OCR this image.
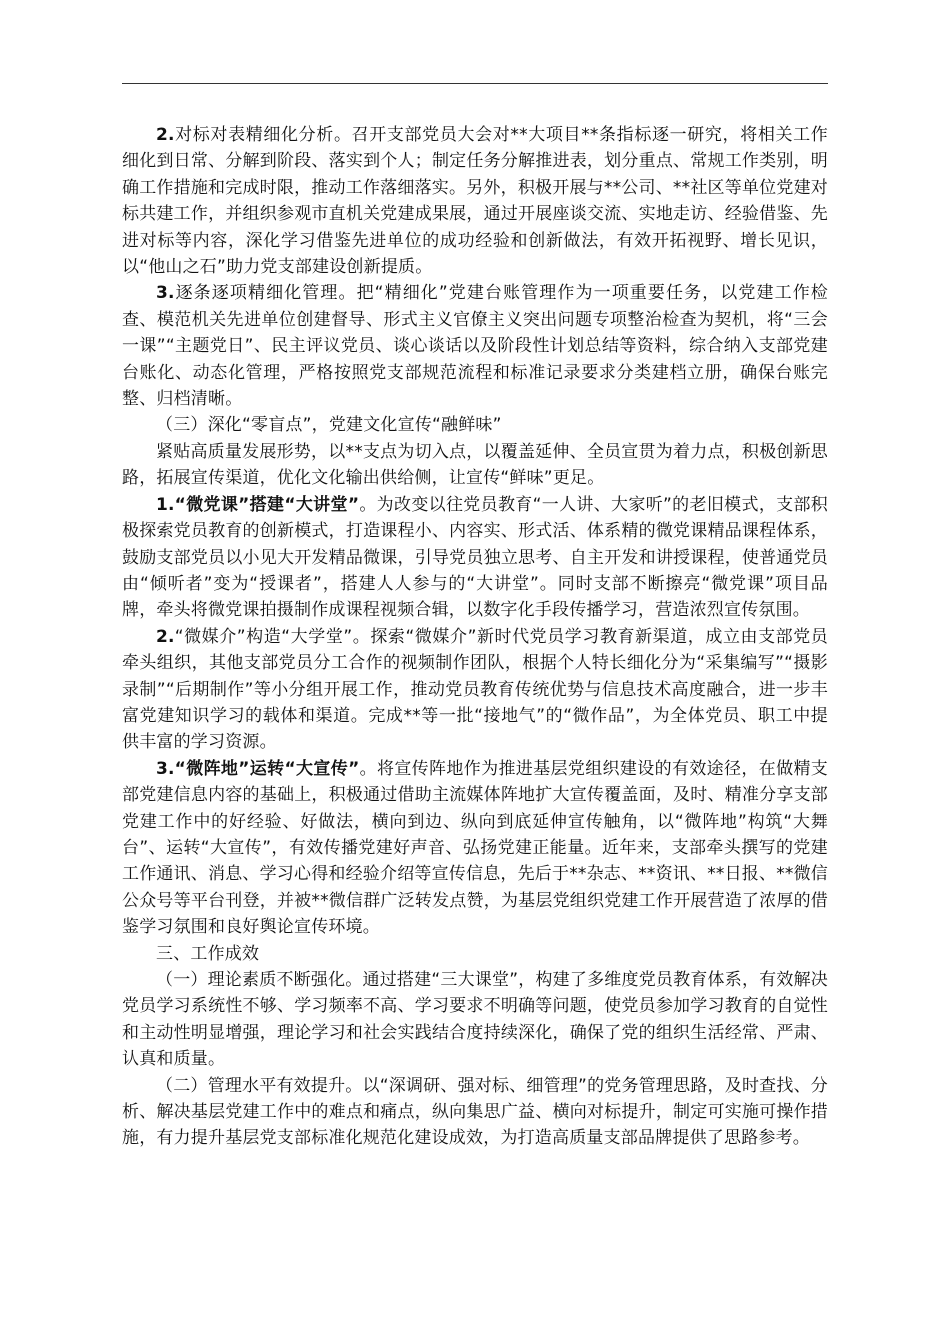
2.对标对表精细化分析。召开支部党员大会对**大项目**条指标逐一研究，将相关工作细化到日常、分解到阶段、落实到个人；制定任务分解推进表，划分重点、常规工作类别，明确工作措施和完成时限，推动工作落细落实。另外，积极开展与**公司、**社区等单位党建对标共建工作，并组织参观市直机关党建成果展，通过开展座谈交流、实地走访、经验借鉴、先进对标等内容，深化学习借鉴先进单位的成功经验和创新做法，有效开拓视野、增长见识，以“他山之石”助力党支部建设创新提质。

3.逐条逐项精细化管理。把“精细化”党建台账管理作为一项重要任务，以党建工作检查、模范机关先进单位创建督导、形式主义官僚主义突出问题专项整治检查为契机，将“三会一课”“主题党日”、民主评议党员、谈心谈话以及阶段性计划总结等资料，综合纳入支部党建台账化、动态化管理，严格按照党支部规范流程和标准记录要求分类建档立册，确保台账完整、归档清晰。

（三）深化“零盲点”，党建文化宣传“融鲜味”

紧贴高质量发展形势，以**支点为切入点，以覆盖延伸、全员宣贯为着力点，积极创新思路，拓展宣传渠道，优化文化输出供给侧，让宣传“鲜味”更足。

1.“微党课”搭建“大讲堂”。为改变以往党员教育“一人讲、大家听”的老旧模式，支部积极探索党员教育的创新模式，打造课程小、内容实、形式活、体系精的微党课精品课程体系，鼓励支部党员以小见大开发精品微课，引导党员独立思考、自主开发和讲授课程，使普通党员由“倾听者”变为“授课者”，搭建人人参与的“大讲堂”。同时支部不断擦亮“微党课”项目品牌，牵头将微党课拍摄制作成课程视频合辑，以数字化手段传播学习，营造浓烈宣传氛围。

2.“微媒介”构造“大学堂”。探索“微媒介”新时代党员学习教育新渠道，成立由支部党员牵头组织，其他支部党员分工合作的视频制作团队，根据个人特长细化分为“采集编写”“摄影录制”“后期制作”等小分组开展工作，推动党员教育传统优势与信息技术高度融合，进一步丰富党建知识学习的载体和渠道。完成**等一批“接地气”的“微作品”，为全体党员、职工中提供丰富的学习资源。

3.“微阵地”运转“大宣传”。将宣传阵地作为推进基层党组织建设的有效途径，在做精支部党建信息内容的基础上，积极通过借助主流媒体阵地扩大宣传覆盖面，及时、精准分享支部党建工作中的好经验、好做法，横向到边、纵向到底延伸宣传触角，以“微阵地”构筑“大舞台”、运转“大宣传”，有效传播党建好声音、弘扬党建正能量。近年来，支部牵头撰写的党建工作通讯、消息、学习心得和经验介绍等宣传信息，先后于**杂志、**资讯、**日报、**微信公众号等平台刊登，并被**微信群广泛转发点赞，为基层党组织党建工作开展营造了浓厚的借鉴学习氛围和良好舆论宣传环境。

三、工作成效

（一）理论素质不断强化。通过搭建“三大课堂”，构建了多维度党员教育体系，有效解决党员学习系统性不够、学习频率不高、学习要求不明确等问题，使党员参加学习教育的自觉性和主动性明显增强，理论学习和社会实践结合度持续深化，确保了党的组织生活经常、严肃、认真和质量。

（二）管理水平有效提升。以“深调研、强对标、细管理”的党务管理思路，及时查找、分析、解决基层党建工作中的难点和痛点，纵向集思广益、横向对标提升，制定可实施可操作措施，有力提升基层党支部标准化规范化建设成效，为打造高质量支部品牌提供了思路参考。
